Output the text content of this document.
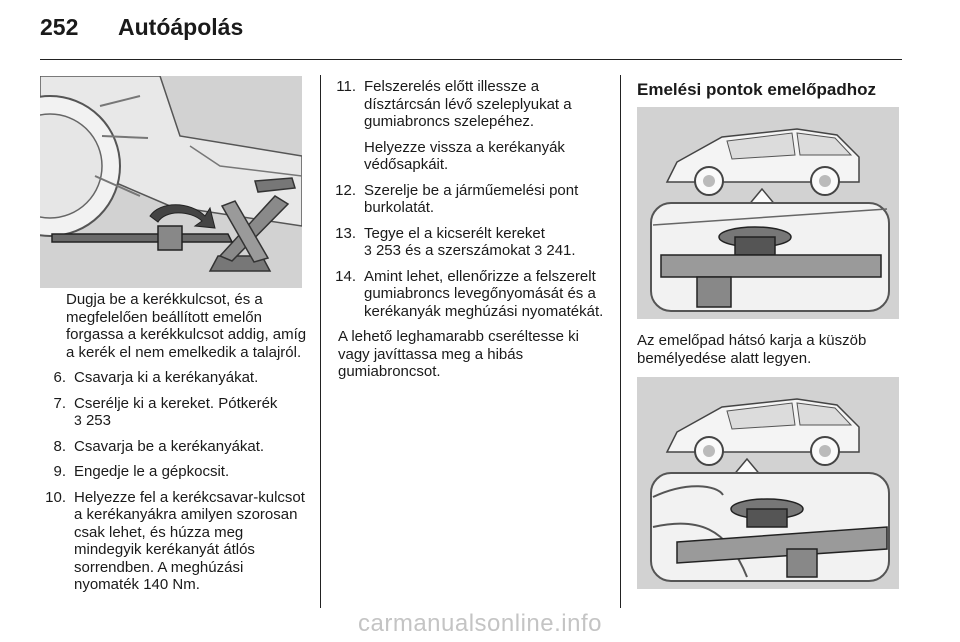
252 Autóápolás

Dugja be a kerékkulcsot, és a megfelelően beállított emelőn forgassa a kerékkulcsot addig, amíg a kerék el nem emelkedik a talajról.

6. Csavarja ki a kerékanyákat.
7. Cserélje ki a kereket. Pótkerék
3 253
8. Csavarja be a kerékanyákat.
9. Engedje le a gépkocsit.
10. Helyezze fel a kerékcsavar-kulcsot a kerékanyákra amilyen szorosan csak lehet, és húzza meg mindegyik kerékanyát átlós sorrendben. A meghúzási nyomaték 140 Nm.
11. Felszerelés előtt illessze a dísztárcsán lévő szeleplyukat a gumiabroncs szelepéhez.
Helyezze vissza a kerékanyák védősapkáit.
12. Szerelje be a járműemelési pont burkolatát.
13. Tegye el a kicserélt kereket
3 253 és a szerszámokat 3 241.
14. Amint lehet, ellenőrizze a felszerelt gumiabroncs levegőnyomását és a kerékanyák meghúzási nyomatékát.

A lehető leghamarabb cseréltesse ki vagy javíttassa meg a hibás gumiabroncsot.

Emelési pontok emelőpadhoz
Az emelőpad hátsó karja a küszöb bemélyedése alatt legyen.
carmanualsonline.info
